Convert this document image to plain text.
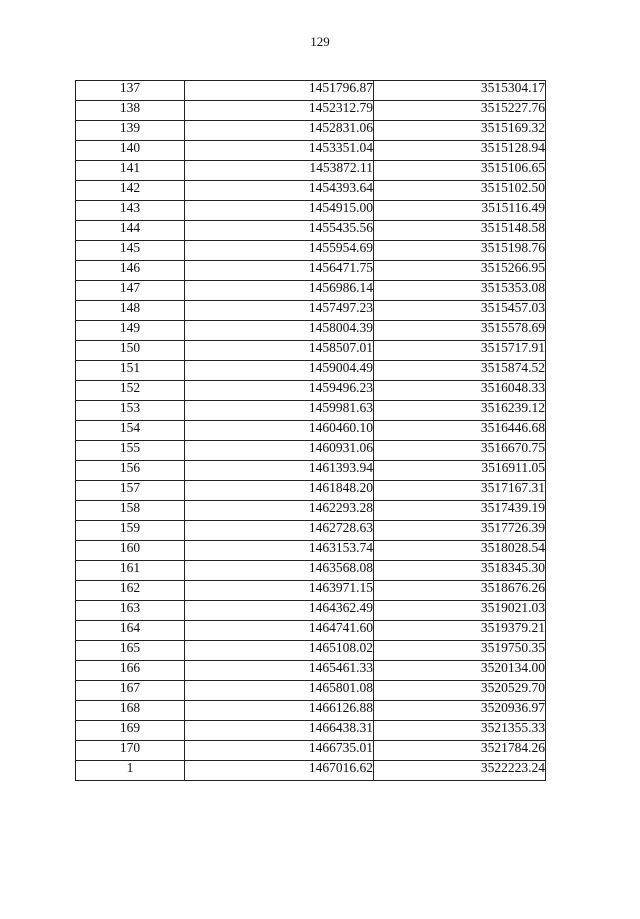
129
137	1451796.87	3515304.17
138	1452312.79	3515227.76
139	1452831.06	3515169.32
140	1453351.04	3515128.94
141	1453872.11	3515106.65
142	1454393.64	3515102.50
143	1454915.00	3515116.49
144	1455435.56	3515148.58
145	1455954.69	3515198.76
146	1456471.75	3515266.95
147	1456986.14	3515353.08
148	1457497.23	3515457.03
149	1458004.39	3515578.69
150	1458507.01	3515717.91
151	1459004.49	3515874.52
152	1459496.23	3516048.33
153	1459981.63	3516239.12
154	1460460.10	3516446.68
155	1460931.06	3516670.75
156	1461393.94	3516911.05
157	1461848.20	3517167.31
158	1462293.28	3517439.19
159	1462728.63	3517726.39
160	1463153.74	3518028.54
161	1463568.08	3518345.30
162	1463971.15	3518676.26
163	1464362.49	3519021.03
164	1464741.60	3519379.21
165	1465108.02	3519750.35
166	1465461.33	3520134.00
167	1465801.08	3520529.70
168	1466126.88	3520936.97
169	1466438.31	3521355.33
170	1466735.01	3521784.26
1	1467016.62	3522223.24
